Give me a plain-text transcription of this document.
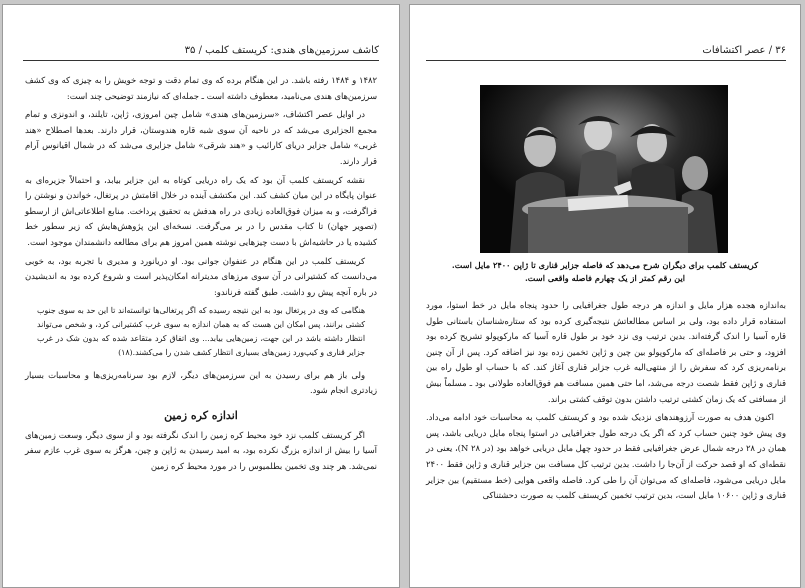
کاشف سرزمین‌های هندی: کریستف کلمب / ۳۵

۱۴۸۲ و ۱۴۸۴ رفته باشد. در این هنگام برده که وی تمام دقت و توجه خویش را به چیزی که وی کشف سرزمین‌های هندی می‌نامید، معطوف داشته است ـ جمله‌ای که نیازمند توضیحی چند است:

در اوایل عصر اکتشاف، «سرزمین‌های هندی» شامل چین امروزی، ژاپن، تایلند، و اندونزی و تمام مجمع الجزایری می‌شد که در ناحیه آن سوی شبه قاره هندوستان، قرار دارند. بعدها اصطلاح «هند غربی» شامل جزایر دریای کارائیب و «هند شرقی» شامل جزایری می‌شد که در شمال اقیانوس آرام قرار دارند.

نقشه کریستف کلمب آن بود که یک راه دریایی کوتاه به این جزایر بیابد، و احتمالاً جزیره‌ای به عنوان پایگاه در این میان کشف کند. این مکتشف آینده در خلال اقامتش در پرتغال، خواندن و نوشتن را فراگرفت، و به میزان فوق‌العاده زیادی در راه هدفش به تحقیق پرداخت. منابع اطلاعاتی‌اش از ارسطو (تصویر جهان) تا کتاب مقدس را در بر می‌گرفت. نسخه‌ای این پژوهش‌هایش که زیر سطور خط کشیده یا در حاشیه‌اش با دست چیزهایی نوشته همین امروز هم برای مطالعه دانشمندان موجود است.

کریستف کلمب در این هنگام در عنفوان جوانی بود. او دریانورد و مدیری با تجربه بود، به خوبی می‌دانست که کشتیرانی در آن سوی مرزهای مدیترانه امکان‌پذیر است و شروع کرده بود به اندیشیدن در باره آنچه پیش رو داشت. طبق گفته فرناندو:

هنگامی که وی در پرتغال بود به این نتیجه رسیده که اگر پرتغالی‌ها توانسته‌اند تا این حد به سوی جنوب کشتی برانند، پس امکان این هست که به همان اندازه به سوی غرب کشتیرانی کرد، و شخص می‌تواند انتظار داشته باشد در این جهت، زمین‌هایی بیابد... وی اتفاق کرد متقاعد شده که بدون شک در غرب جزایر قناری و کیپ‌ورد زمین‌های بسیاری انتظار کشف شدن را می‌کشند.(۱۸)

ولی باز هم برای رسیدن به این سرزمین‌های دیگر، لازم بود سرنامه‌ریزی‌ها و محاسبات بسیار زیادتری انجام شود.

اندازه کره زمین

اگر کریستف کلمب نزد خود محیط کره زمین را اندک نگرفته بود و از سوی دیگر، وسعت زمین‌های آسیا را بیش از اندازه بزرگ نکرده بود، به امید رسیدن به ژاپن و چین، هرگز به سوی غرب عازم سفر نمی‌شد. هر چند وی تخمین بطلمیوس را در مورد محیط کره زمین

۳۶ / عصر اکتشافات
کریستف کلمب برای دیگران شرح می‌دهد که فاصله جزایر قناری تا ژاپن ۲۴۰۰ مایل است. این رقم کمتر از یک چهارم فاصله واقعی است.

به‌اندازه هجده هزار مایل و اندازه هر درجه طول جغرافیایی را حدود پنجاه مایل در خط استوا، مورد استفاده قرار داده بود، ولی بر اساس مطالعاتش نتیجه‌گیری کرده بود که ستاره‌شناسان باستانی طول قاره آسیا را اندک گرفته‌اند. بدین ترتیب وی نزد خود بر طول قاره آسیا که مارکوپولو تشریح کرده بود افزود، و حتی بر فاصله‌ای که مارکوپولو بین چین و ژاپن تخمین زده بود نیز اضافه کرد. پس از آن چنین برنامه‌ریزی کرد که سفرش را از منتهی‌الیه غرب جزایر قناری آغاز کند. که با حساب او طول راه بین قناری و ژاپن فقط شصت درجه می‌شد، اما حتی همین مسافت هم فوق‌العاده طولانی بود ـ مسلماً بیش از مسافتی که یک زمان کشتی ترتیب داشتن بدون توقف کشتی براند.

اکنون هدف به صورت آرزوهندهای نزدیک شده بود و کریستف کلمب به محاسبات خود ادامه می‌داد. وی پیش خود چنین حساب کرد که اگر یک درجه طول جغرافیایی در استوا پنجاه مایل دریایی باشد، پس همان در ۲۸ درجه شمال عرض جغرافیایی فقط در حدود چهل مایل دریایی خواهد بود (در ۲۸ N)، یعنی در نقطه‌ای که او قصد حرکت از آن‌جا را داشت. بدین ترتیب کل مسافت بین جزایر قناری و ژاپن فقط ۲۴۰۰ مایل دریایی می‌شود، فاصله‌ای که می‌توان آن را طی کرد. فاصله واقعی هوایی (خط مستقیم) بین جزایر قناری و ژاپن ۱۰۶۰۰ مایل است، بدین ترتیب تخمین کریستف کلمب به صورت دحشتناکی
